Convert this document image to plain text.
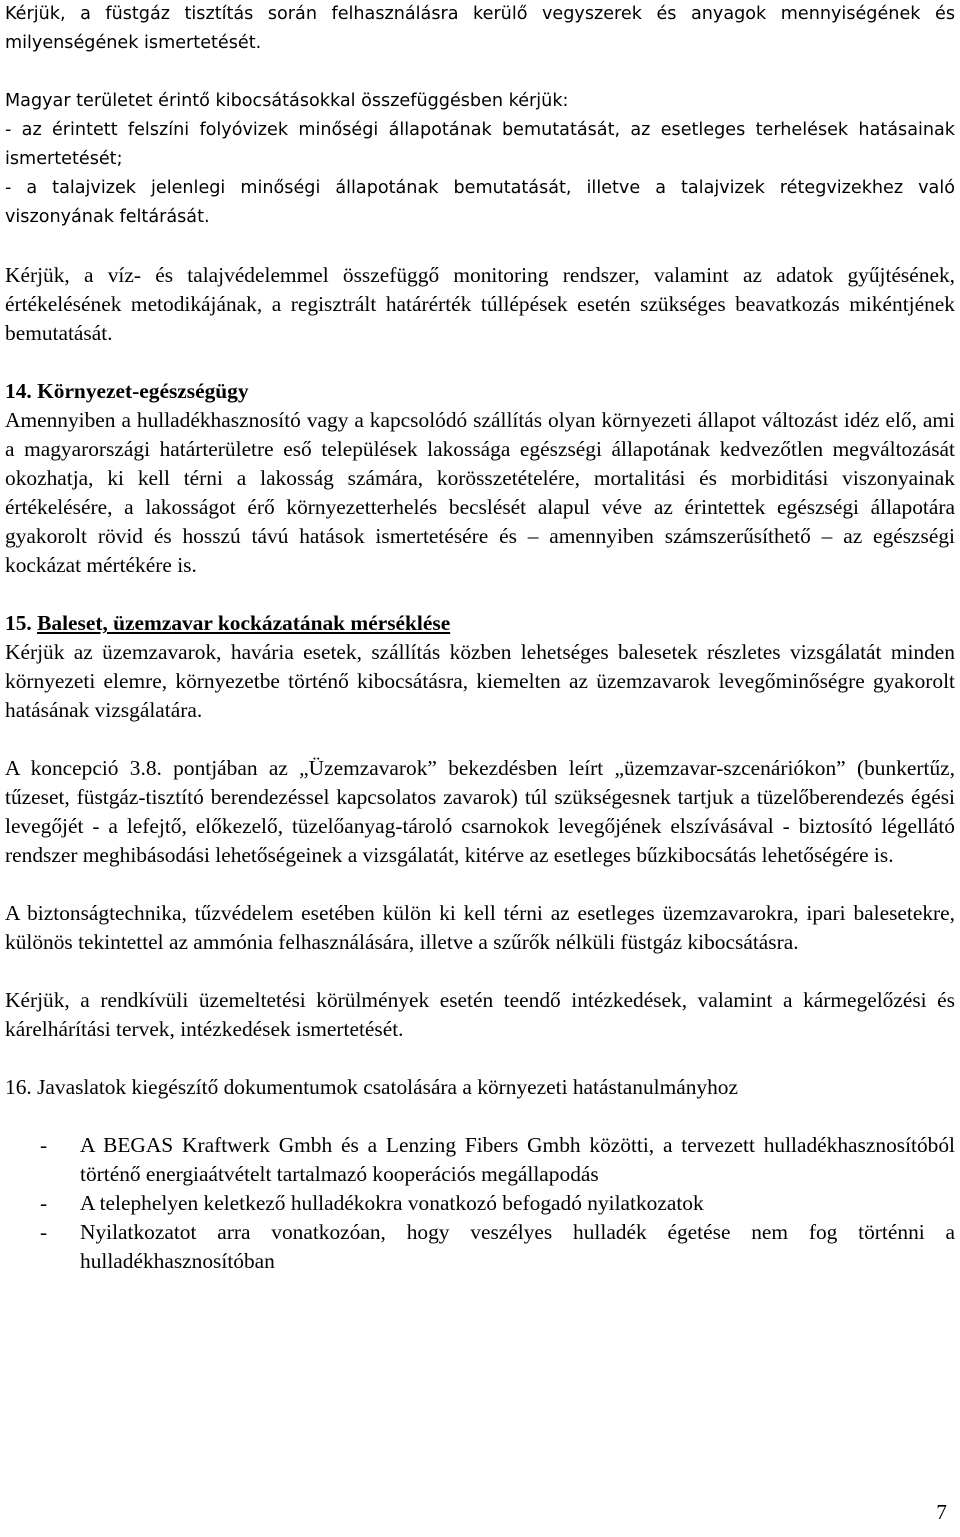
Kérjük, a füstgáz tisztítás során felhasználásra kerülő vegyszerek és anyagok mennyiségének és milyenségének ismertetését.

Magyar területet érintő kibocsátásokkal összefüggésben kérjük:

- az érintett felszíni folyóvizek minőségi állapotának bemutatását, az esetleges terhelések hatásainak ismertetését;

- a talajvizek jelenlegi minőségi állapotának bemutatását, illetve a talajvizek rétegvizekhez való viszonyának feltárását.

Kérjük, a víz- és talajvédelemmel összefüggő monitoring rendszer, valamint az adatok gyűjtésének, értékelésének metodikájának, a regisztrált határérték túllépések esetén szükséges beavatkozás mikéntjének bemutatását.

14. Környezet-egészségügy

Amennyiben a hulladékhasznosító vagy a kapcsolódó szállítás olyan környezeti állapot változást idéz elő, ami a magyarországi határterületre eső települések lakossága egészségi állapotának kedvezőtlen megváltozását okozhatja, ki kell térni a lakosság számára, korösszetételére, mortalitási és morbiditási viszonyainak értékelésére, a lakosságot érő környezetterhelés becslését alapul véve az érintettek egészségi állapotára gyakorolt rövid és hosszú távú hatások ismertetésére és – amennyiben számszerűsíthető – az egészségi kockázat mértékére is.

15. Baleset, üzemzavar kockázatának mérséklése

Kérjük az üzemzavarok, havária esetek, szállítás közben lehetséges balesetek részletes vizsgálatát minden környezeti elemre, környezetbe történő kibocsátásra, kiemelten az üzemzavarok levegőminőségre gyakorolt hatásának vizsgálatára.

A koncepció 3.8. pontjában az „Üzemzavarok” bekezdésben leírt „üzemzavar-szcenáriókon” (bunkertűz, tűzeset, füstgáz-tisztító berendezéssel kapcsolatos zavarok) túl szükségesnek tartjuk a tüzelőberendezés égési levegőjét - a lefejtő, előkezelő, tüzelőanyag-tároló csarnokok levegőjének elszívásával - biztosító légellátó rendszer meghibásodási lehetőségeinek a vizsgálatát, kitérve az esetleges bűzkibocsátás lehetőségére is.

A biztonságtechnika, tűzvédelem esetében külön ki kell térni az esetleges üzemzavarokra, ipari balesetekre, különös tekintettel az ammónia felhasználására, illetve a szűrők nélküli füstgáz kibocsátásra.

Kérjük, a rendkívüli üzemeltetési körülmények esetén teendő intézkedések, valamint a kármegelőzési és kárelhárítási tervek, intézkedések ismertetését.

16. Javaslatok kiegészítő dokumentumok csatolására a környezeti hatástanulmányhoz

-	A BEGAS Kraftwerk Gmbh és a Lenzing Fibers Gmbh közötti, a tervezett hulladékhasznosítóból történő energiaátvételt tartalmazó kooperációs megállapodás
-	A telephelyen keletkező hulladékokra vonatkozó befogadó nyilatkozatok
-	Nyilatkozatot arra vonatkozóan, hogy veszélyes hulladék égetése nem fog történni a hulladékhasznosítóban
7
